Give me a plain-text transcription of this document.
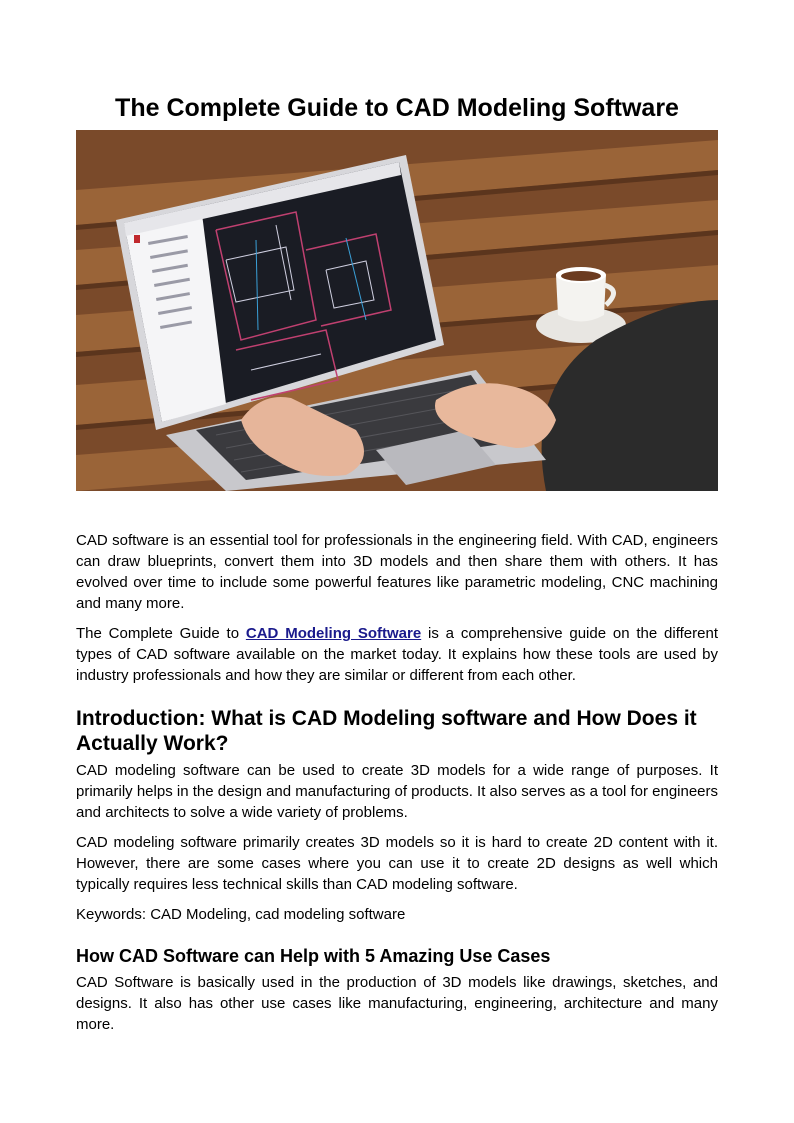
The Complete Guide to CAD Modeling Software

CAD software is an essential tool for professionals in the engineering field. With CAD, engineers can draw blueprints, convert them into 3D models and then share them with others. It has evolved over time to include some powerful features like parametric modeling, CNC machining and many more.

The Complete Guide to CAD Modeling Software is a comprehensive guide on the different types of CAD software available on the market today. It explains how these tools are used by industry professionals and how they are similar or different from each other.

Introduction: What is CAD Modeling software and How Does it Actually Work?

CAD modeling software can be used to create 3D models for a wide range of purposes. It primarily helps in the design and manufacturing of products. It also serves as a tool for engineers and architects to solve a wide variety of problems.

CAD modeling software primarily creates 3D models so it is hard to create 2D content with it. However, there are some cases where you can use it to create 2D designs as well which typically requires less technical skills than CAD modeling software.

Keywords: CAD Modeling, cad modeling software

How CAD Software can Help with 5 Amazing Use Cases

CAD Software is basically used in the production of 3D models like drawings, sketches, and designs. It also has other use cases like manufacturing, engineering, architecture and many more.
